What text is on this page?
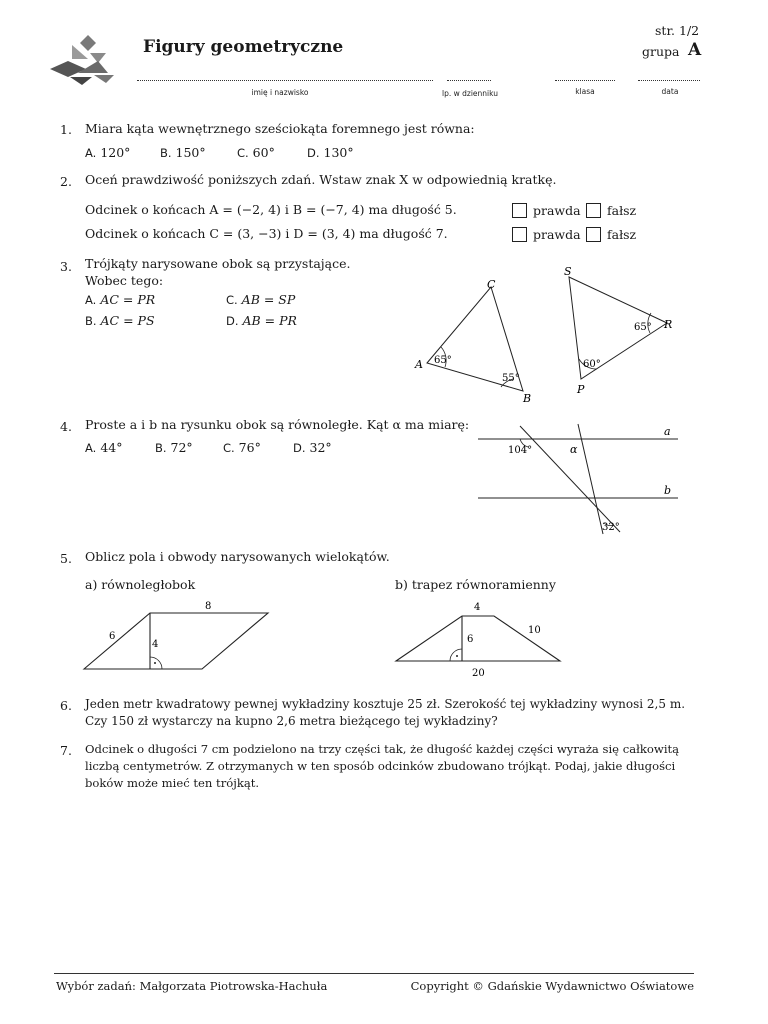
Figury geometryczne
str. 1/2
grupa A
imię i nazwisko	lp. w dzienniku	klasa	data
1. Miara kąta wewnętrznego sześciokąta foremnego jest równa:
A. 120°	B. 150°	C. 60°	D. 130°
2. Oceń prawdziwość poniższych zdań. Wstaw znak X w odpowiednią kratkę.
Odcinek o końcach A = (−2, 4) i B = (−7, 4) ma długość 5.	prawda fałsz
Odcinek o końcach C = (3, −3) i D = (3, 4) ma długość 7.	prawda fałsz
3. Trójkąty narysowane obok są przystające.
Wobec tego:
A. AC = PR
B. AC = PS
C. AB = SP
D. AB = PR
A
B
C
65°
55°
S
P
R
65°
60°
4. Proste a i b na rysunku obok są równoległe. Kąt α ma miarę:
A. 44°	B. 72°	C. 76°	D. 32°
a
b
104°	α
32°
5. Oblicz pola i obwody narysowanych wielokątów.
a) równoległobok	b) trapez równoramienny
8
6
4
4
10
6
20
6. Jeden metr kwadratowy pewnej wykładziny kosztuje 25 zł. Szerokość tej wykładziny wynosi 2,5 m.
Czy 150 zł wystarczy na kupno 2,6 metra bieżącego tej wykładziny?
7. Odcinek o długości 7 cm podzielono na trzy części tak, że długość każdej części wyraża się całkowitą
liczbą centymetrów. Z otrzymanych w ten sposób odcinków zbudowano trójkąt. Podaj, jakie długości
boków może mieć ten trójkąt.
Wybór zadań: Małgorzata Piotrowska-Hachuła	Copyright © Gdańskie Wydawnictwo Oświatowe
